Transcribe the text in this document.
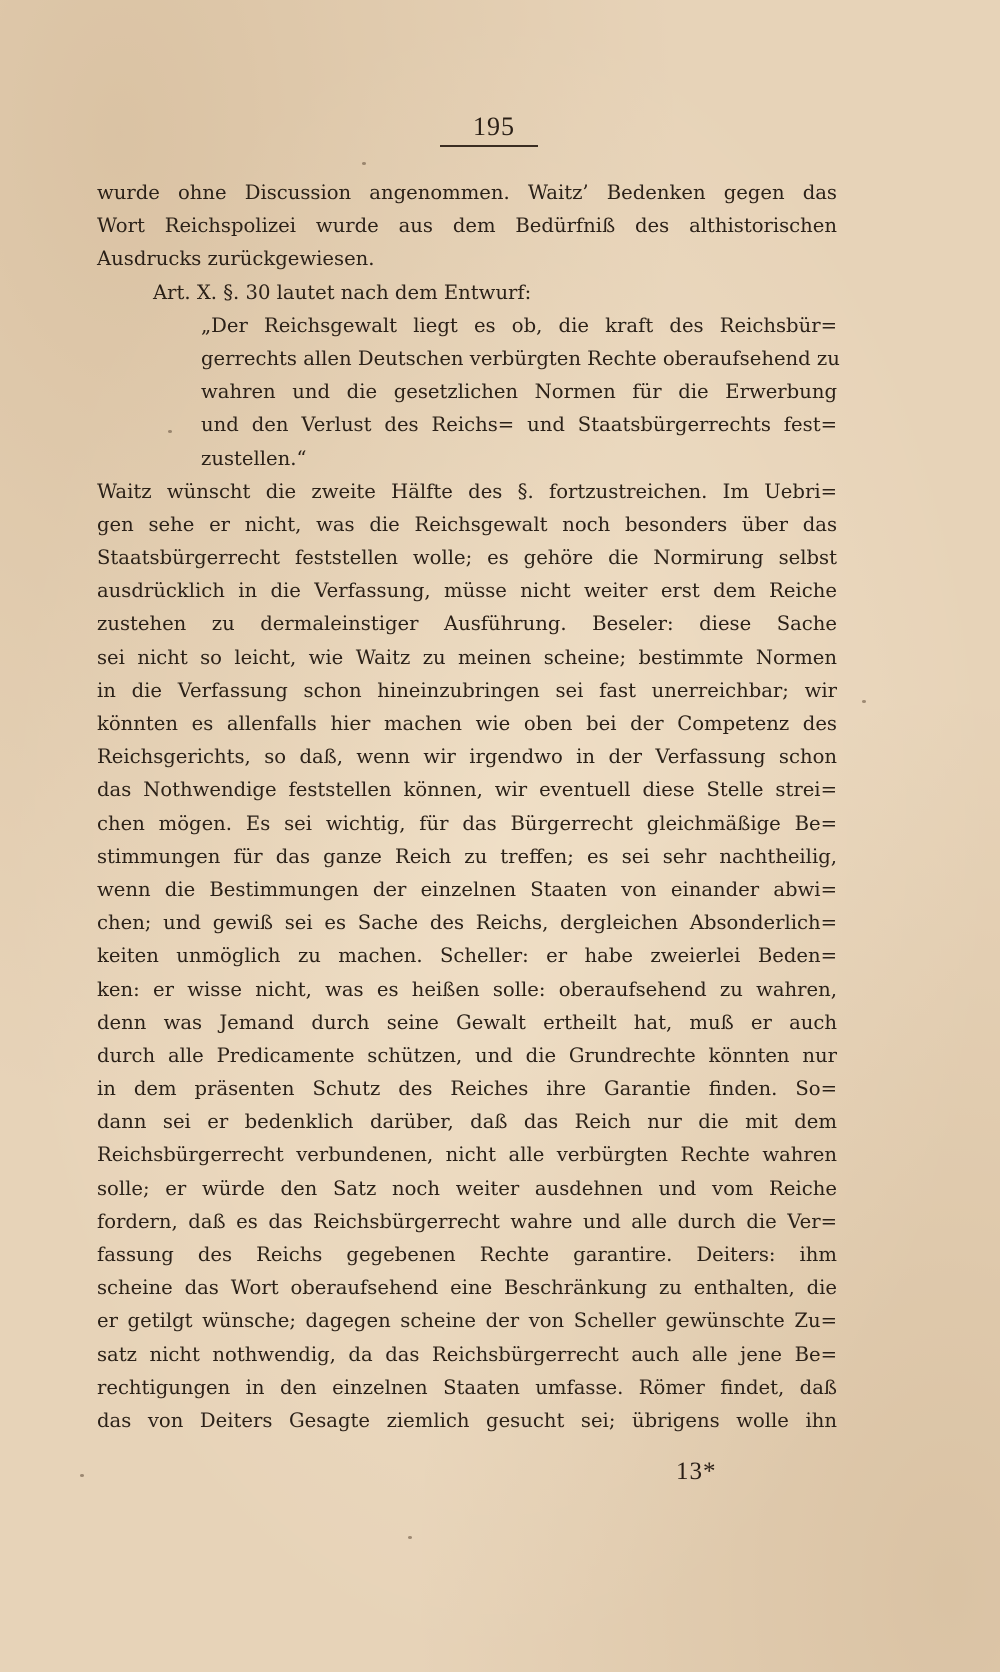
195
wurde ohne Discussion angenommen. Waitz’ Bedenken gegen das
Wort Reichspolizei wurde aus dem Bedürfniß des althistorischen
Ausdrucks zurückgewiesen.
Art. X. §. 30 lautet nach dem Entwurf:
„Der Reichsgewalt liegt es ob, die kraft des Reichsbür=
gerrechts allen Deutschen verbürgten Rechte oberaufsehend zu
wahren und die gesetzlichen Normen für die Erwerbung
und den Verlust des Reichs= und Staatsbürgerrechts fest=
zustellen.“
Waitz wünscht die zweite Hälfte des §. fortzustreichen. Im Uebri=
gen sehe er nicht, was die Reichsgewalt noch besonders über das
Staatsbürgerrecht feststellen wolle; es gehöre die Normirung selbst
ausdrücklich in die Verfassung, müsse nicht weiter erst dem Reiche
zustehen zu dermaleinstiger Ausführung. Beseler: diese Sache
sei nicht so leicht, wie Waitz zu meinen scheine; bestimmte Normen
in die Verfassung schon hineinzubringen sei fast unerreichbar; wir
könnten es allenfalls hier machen wie oben bei der Competenz des
Reichsgerichts, so daß, wenn wir irgendwo in der Verfassung schon
das Nothwendige feststellen können, wir eventuell diese Stelle strei=
chen mögen. Es sei wichtig, für das Bürgerrecht gleichmäßige Be=
stimmungen für das ganze Reich zu treffen; es sei sehr nachtheilig,
wenn die Bestimmungen der einzelnen Staaten von einander abwi=
chen; und gewiß sei es Sache des Reichs, dergleichen Absonderlich=
keiten unmöglich zu machen. Scheller: er habe zweierlei Beden=
ken: er wisse nicht, was es heißen solle: oberaufsehend zu wahren,
denn was Jemand durch seine Gewalt ertheilt hat, muß er auch
durch alle Predicamente schützen, und die Grundrechte könnten nur
in dem präsenten Schutz des Reiches ihre Garantie finden. So=
dann sei er bedenklich darüber, daß das Reich nur die mit dem
Reichsbürgerrecht verbundenen, nicht alle verbürgten Rechte wahren
solle; er würde den Satz noch weiter ausdehnen und vom Reiche
fordern, daß es das Reichsbürgerrecht wahre und alle durch die Ver=
fassung des Reichs gegebenen Rechte garantire. Deiters: ihm
scheine das Wort oberaufsehend eine Beschränkung zu enthalten, die
er getilgt wünsche; dagegen scheine der von Scheller gewünschte Zu=
satz nicht nothwendig, da das Reichsbürgerrecht auch alle jene Be=
rechtigungen in den einzelnen Staaten umfasse. Römer findet, daß
das von Deiters Gesagte ziemlich gesucht sei; übrigens wolle ihn
13*
